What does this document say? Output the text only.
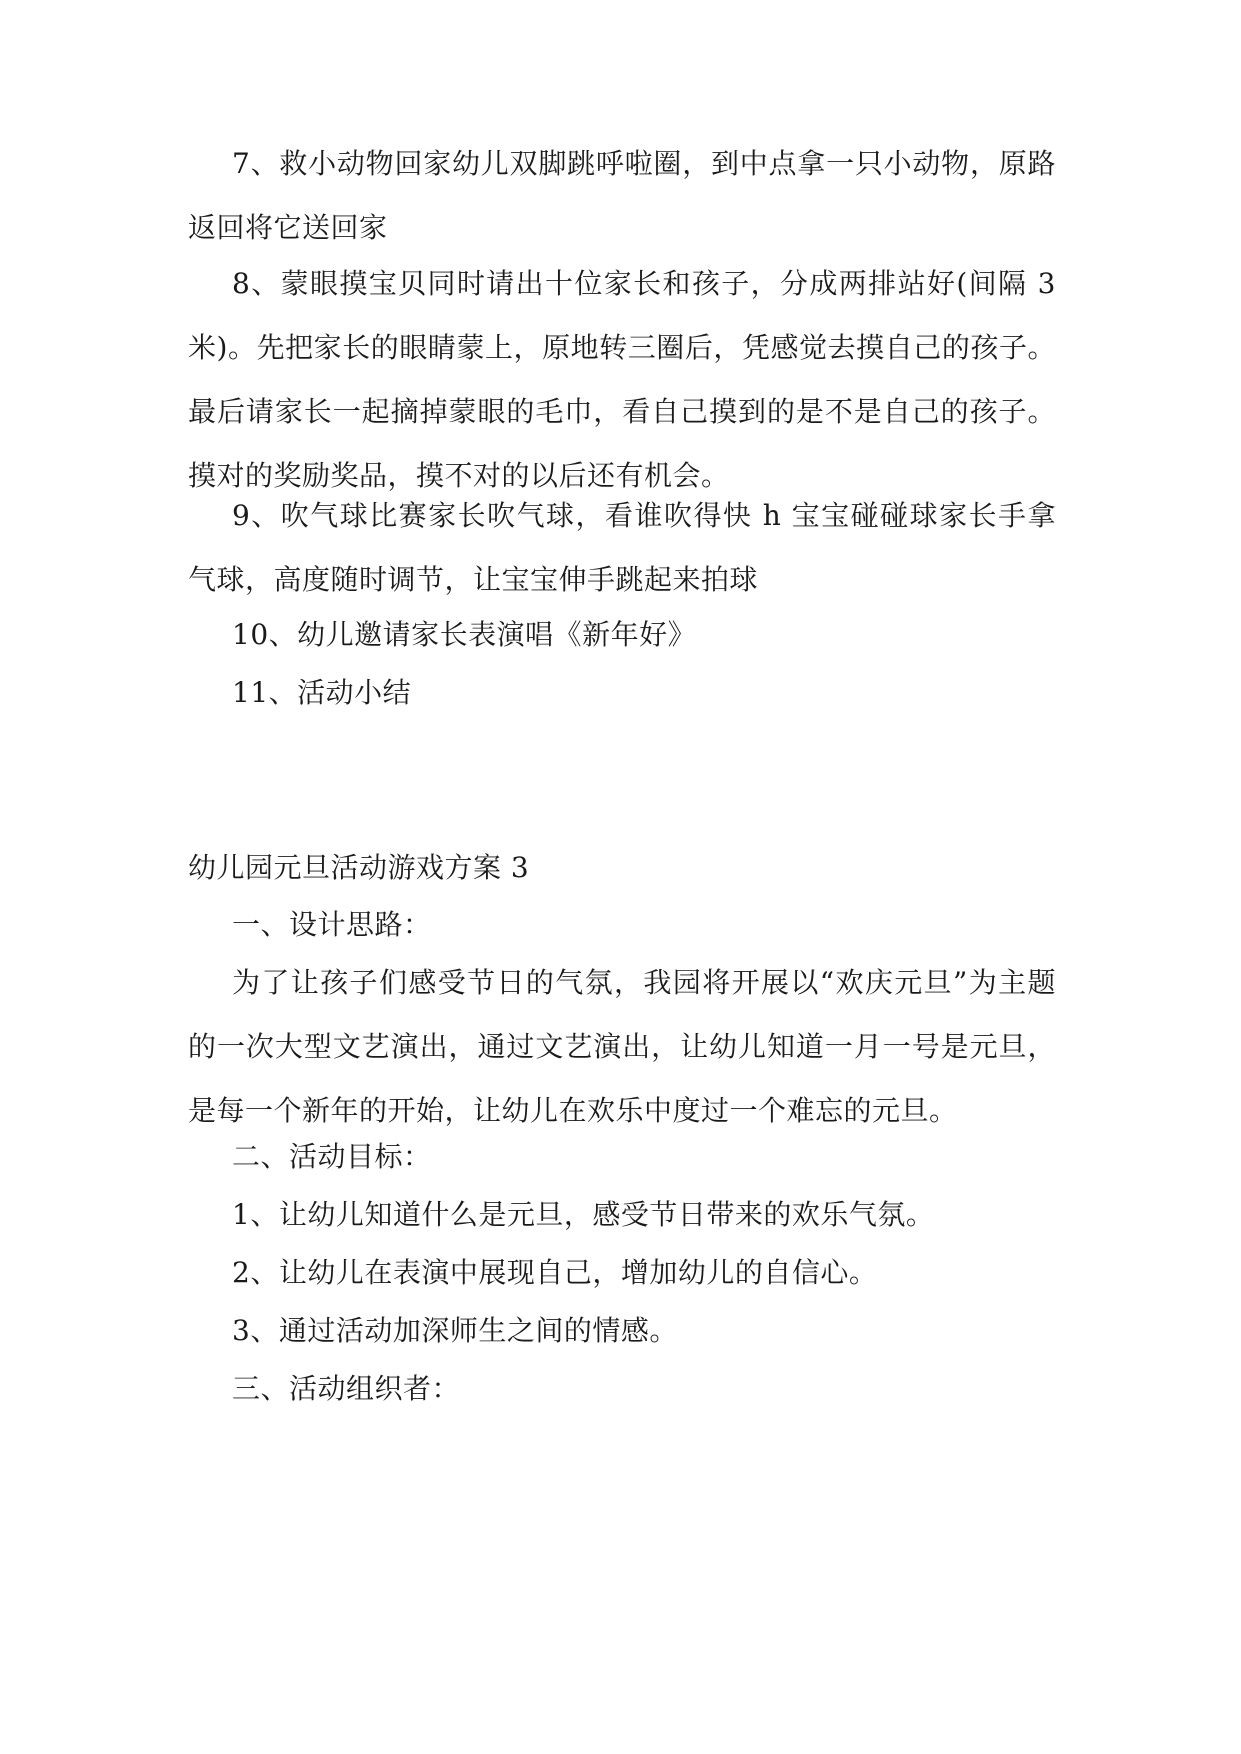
7、救小动物回家幼儿双脚跳呼啦圈，到中点拿一只小动物，原路返回将它送回家

8、蒙眼摸宝贝同时请出十位家长和孩子，分成两排站好(间隔 3 米)。先把家长的眼睛蒙上，原地转三圈后，凭感觉去摸自己的孩子。最后请家长一起摘掉蒙眼的毛巾，看自己摸到的是不是自己的孩子。摸对的奖励奖品，摸不对的以后还有机会。

9、吹气球比赛家长吹气球，看谁吹得快 h 宝宝碰碰球家长手拿气球，高度随时调节，让宝宝伸手跳起来拍球

10、幼儿邀请家长表演唱《新年好》

11、活动小结

幼儿园元旦活动游戏方案 3

一、设计思路：

为了让孩子们感受节日的气氛，我园将开展以“欢庆元旦”为主题的一次大型文艺演出，通过文艺演出，让幼儿知道一月一号是元旦，是每一个新年的开始，让幼儿在欢乐中度过一个难忘的元旦。

二、活动目标：

1、让幼儿知道什么是元旦，感受节日带来的欢乐气氛。

2、让幼儿在表演中展现自己，增加幼儿的自信心。

3、通过活动加深师生之间的情感。

三、活动组织者：
